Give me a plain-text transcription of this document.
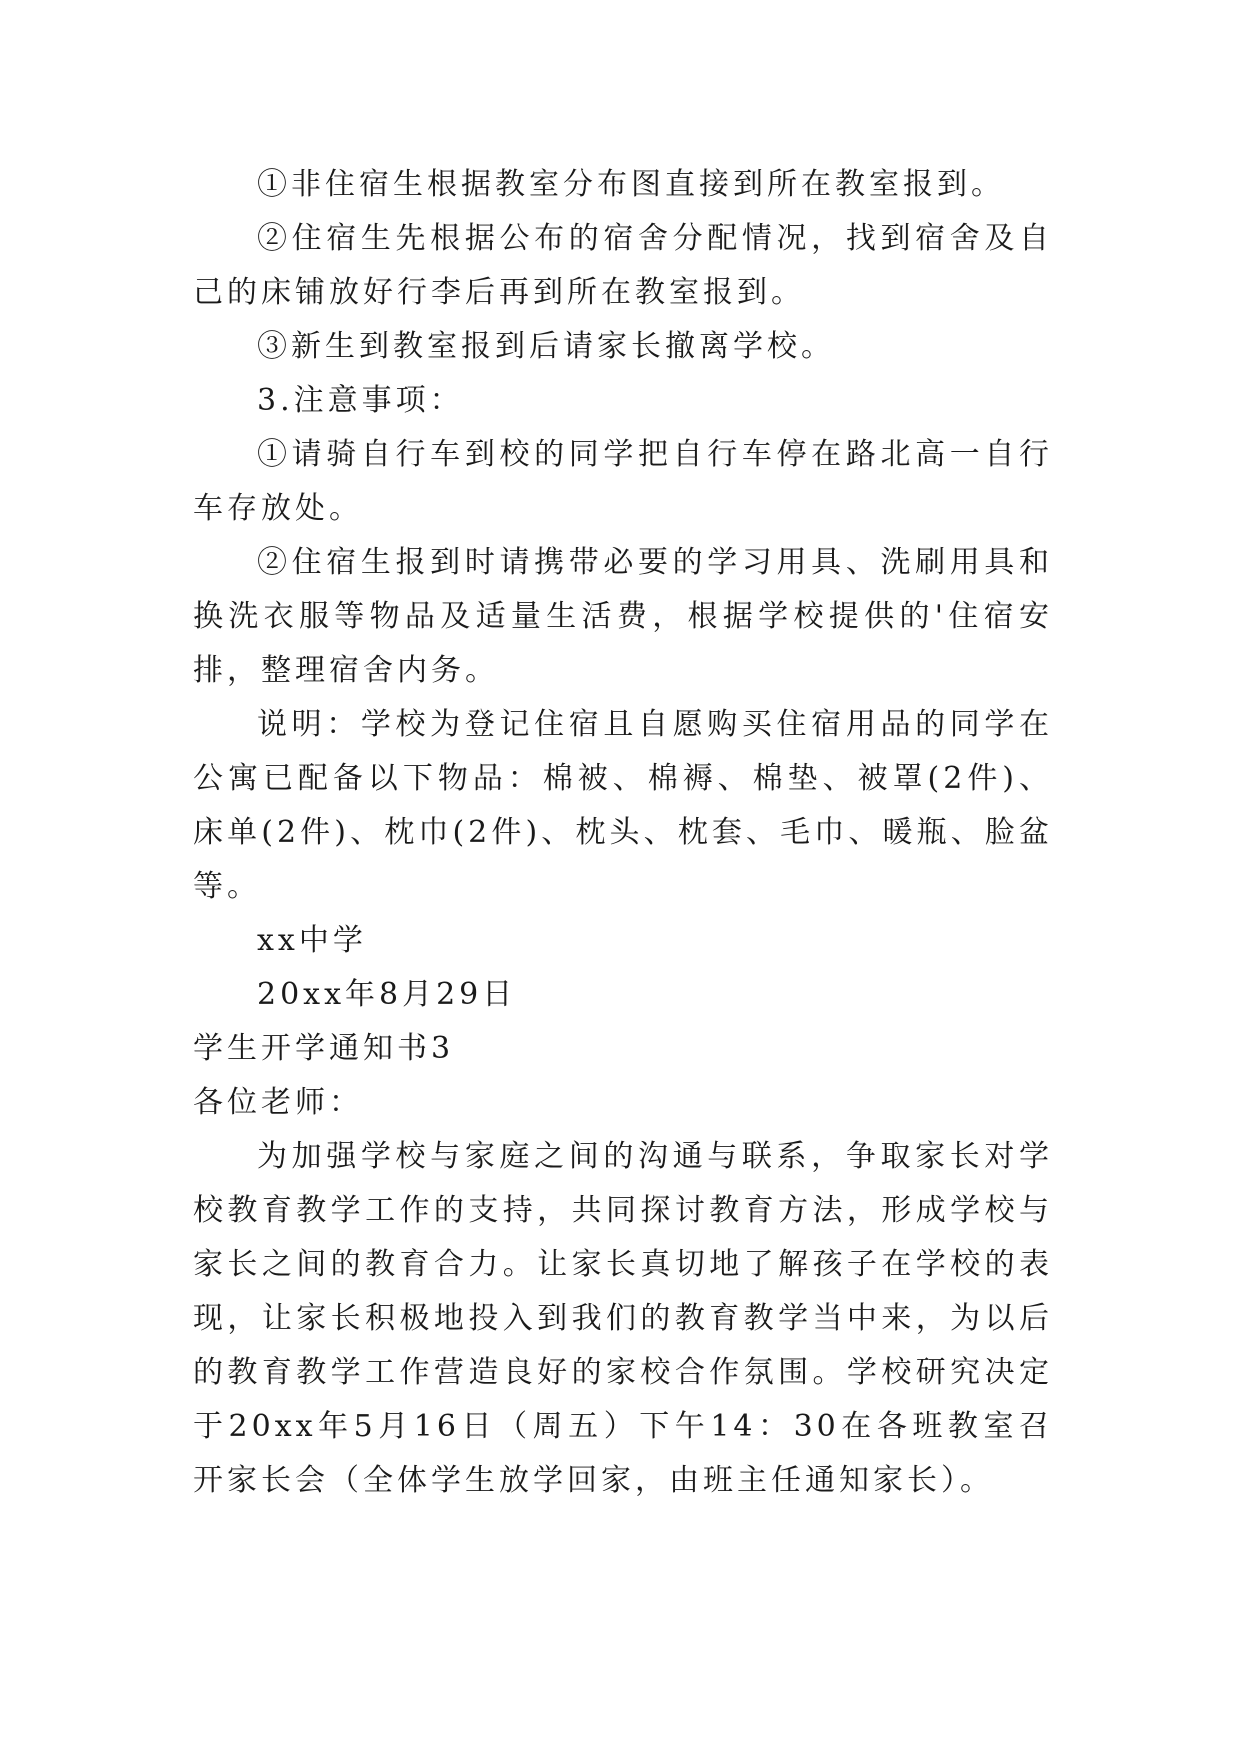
①非住宿生根据教室分布图直接到所在教室报到。

②住宿生先根据公布的宿舍分配情况，找到宿舍及自己的床铺放好行李后再到所在教室报到。

③新生到教室报到后请家长撤离学校。

3.注意事项：

①请骑自行车到校的同学把自行车停在路北高一自行车存放处。

②住宿生报到时请携带必要的学习用具、洗刷用具和换洗衣服等物品及适量生活费，根据学校提供的'住宿安排，整理宿舍内务。

说明：学校为登记住宿且自愿购买住宿用品的同学在公寓已配备以下物品：棉被、棉褥、棉垫、被罩(2件)、床单(2件)、枕巾(2件)、枕头、枕套、毛巾、暖瓶、脸盆等。

xx中学

20xx年8月29日

学生开学通知书3

各位老师：

为加强学校与家庭之间的沟通与联系，争取家长对学校教育教学工作的支持，共同探讨教育方法，形成学校与家长之间的教育合力。让家长真切地了解孩子在学校的表现，让家长积极地投入到我们的教育教学当中来，为以后的教育教学工作营造良好的家校合作氛围。学校研究决定于20xx年5月16日（周五）下午14：30在各班教室召开家长会（全体学生放学回家，由班主任通知家长）。
